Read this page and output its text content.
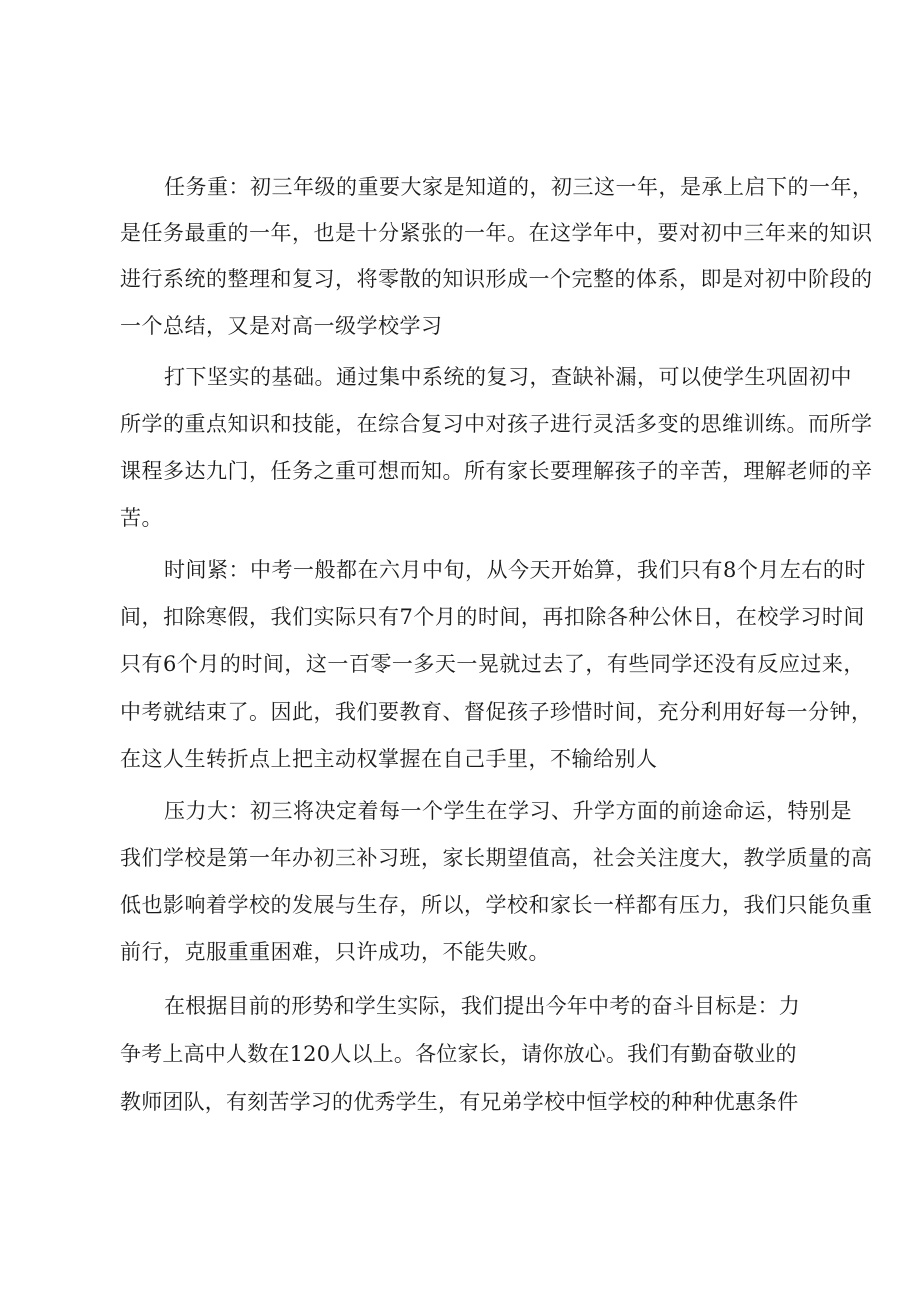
任务重：初三年级的重要大家是知道的，初三这一年，是承上启下的一年，
是任务最重的一年，也是十分紧张的一年。在这学年中，要对初中三年来的知识
进行系统的整理和复习，将零散的知识形成一个完整的体系，即是对初中阶段的
一个总结，又是对高一级学校学习
打下坚实的基础。通过集中系统的复习，查缺补漏，可以使学生巩固初中
所学的重点知识和技能，在综合复习中对孩子进行灵活多变的思维训练。而所学
课程多达九门，任务之重可想而知。所有家长要理解孩子的辛苦，理解老师的辛
苦。
时间紧：中考一般都在六月中旬，从今天开始算，我们只有8个月左右的时
间，扣除寒假，我们实际只有7个月的时间，再扣除各种公休日，在校学习时间
只有6个月的时间，这一百零一多天一晃就过去了，有些同学还没有反应过来，
中考就结束了。因此，我们要教育、督促孩子珍惜时间，充分利用好每一分钟，
在这人生转折点上把主动权掌握在自己手里，不输给别人
压力大：初三将决定着每一个学生在学习、升学方面的前途命运，特别是
我们学校是第一年办初三补习班，家长期望值高，社会关注度大，教学质量的高
低也影响着学校的发展与生存，所以，学校和家长一样都有压力，我们只能负重
前行，克服重重困难，只许成功，不能失败。
在根据目前的形势和学生实际，我们提出今年中考的奋斗目标是：力
争考上高中人数在120人以上。各位家长，请你放心。我们有勤奋敬业的
教师团队，有刻苦学习的优秀学生，有兄弟学校中恒学校的种种优惠条件
